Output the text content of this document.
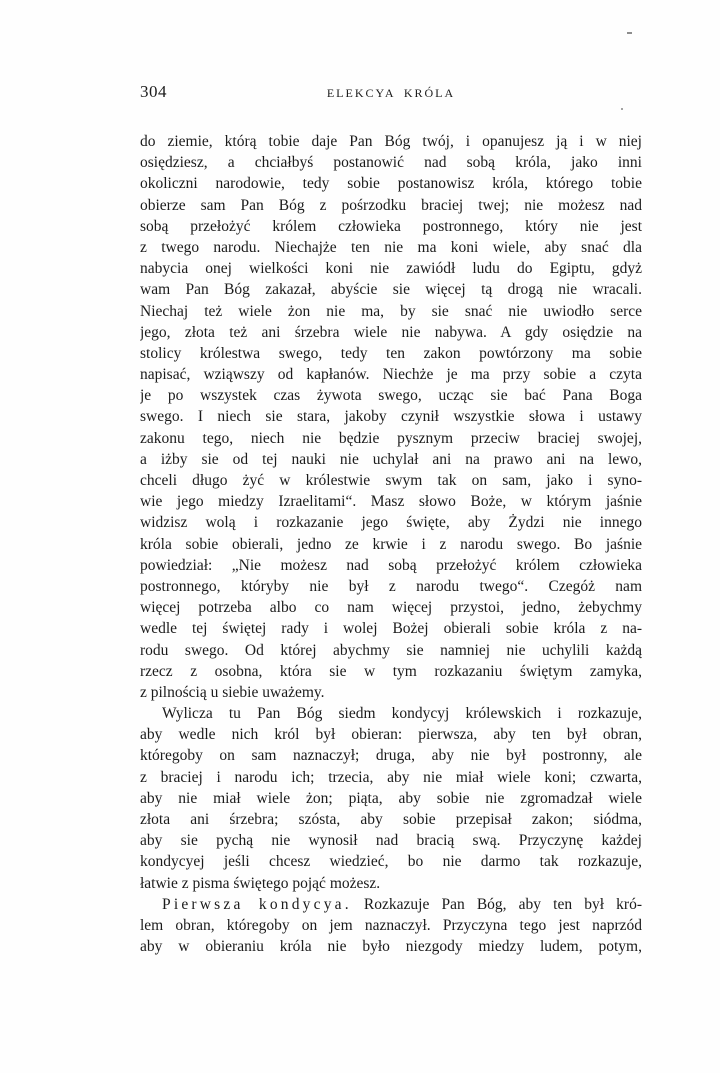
304	ELEKCYA KRÓLA
do ziemie, którą tobie daje Pan Bóg twój, i opanujesz ją i w niej
osiędziesz, a chciałbyś postanowić nad sobą króla, jako inni
okoliczni narodowie, tedy sobie postanowisz króla, którego tobie
obierze sam Pan Bóg z pośrzodku braciej twej; nie możesz nad
sobą przełożyć królem człowieka postronnego, który nie jest
z twego narodu. Niechajże ten nie ma koni wiele, aby snać dla
nabycia onej wielkości koni nie zawiódł ludu do Egiptu, gdyż
wam Pan Bóg zakazał, abyście sie więcej tą drogą nie wracali.
Niechaj też wiele żon nie ma, by sie snać nie uwiodło serce
jego, złota też ani śrzebra wiele nie nabywa. A gdy osiędzie na
stolicy królestwa swego, tedy ten zakon powtórzony ma sobie
napisać, wziąwszy od kapłanów. Niechże je ma przy sobie a czyta
je po wszystek czas żywota swego, ucząc sie bać Pana Boga
swego. I niech sie stara, jakoby czynił wszystkie słowa i ustawy
zakonu tego, niech nie będzie pysznym przeciw braciej swojej,
a iżby sie od tej nauki nie uchylał ani na prawo ani na lewo,
chceli długo żyć w królestwie swym tak on sam, jako i syno-
wie jego miedzy Izraelitami“. Masz słowo Boże, w którym jaśnie
widzisz wolą i rozkazanie jego święte, aby Żydzi nie innego
króla sobie obierali, jedno ze krwie i z narodu swego. Bo jaśnie
powiedział: „Nie możesz nad sobą przełożyć królem człowieka
postronnego, któryby nie był z narodu twego“. Czegóż nam
więcej potrzeba albo co nam więcej przystoi, jedno, żebychmy
wedle tej świętej rady i wolej Bożej obierali sobie króla z na-
rodu swego. Od której abychmy sie namniej nie uchylili każdą
rzecz z osobna, która sie w tym rozkazaniu świętym zamyka,
z pilnością u siebie uważemy.
Wylicza tu Pan Bóg siedm kondycyj królewskich i rozkazuje,
aby wedle nich król był obieran: pierwsza, aby ten był obran,
któregoby on sam naznaczył; druga, aby nie był postronny, ale
z braciej i narodu ich; trzecia, aby nie miał wiele koni; czwarta,
aby nie miał wiele żon; piąta, aby sobie nie zgromadzał wiele
złota ani śrzebra; szósta, aby sobie przepisał zakon; siódma,
aby sie pychą nie wynosił nad bracią swą. Przyczynę każdej
kondycyej jeśli chcesz wiedzieć, bo nie darmo tak rozkazuje,
łatwie z pisma świętego pojąć możesz.
Pierwsza kondycya. Rozkazuje Pan Bóg, aby ten był kró-
lem obran, któregoby on jem naznaczył. Przyczyna tego jest naprzód
aby w obieraniu króla nie było niezgody miedzy ludem, potym,
